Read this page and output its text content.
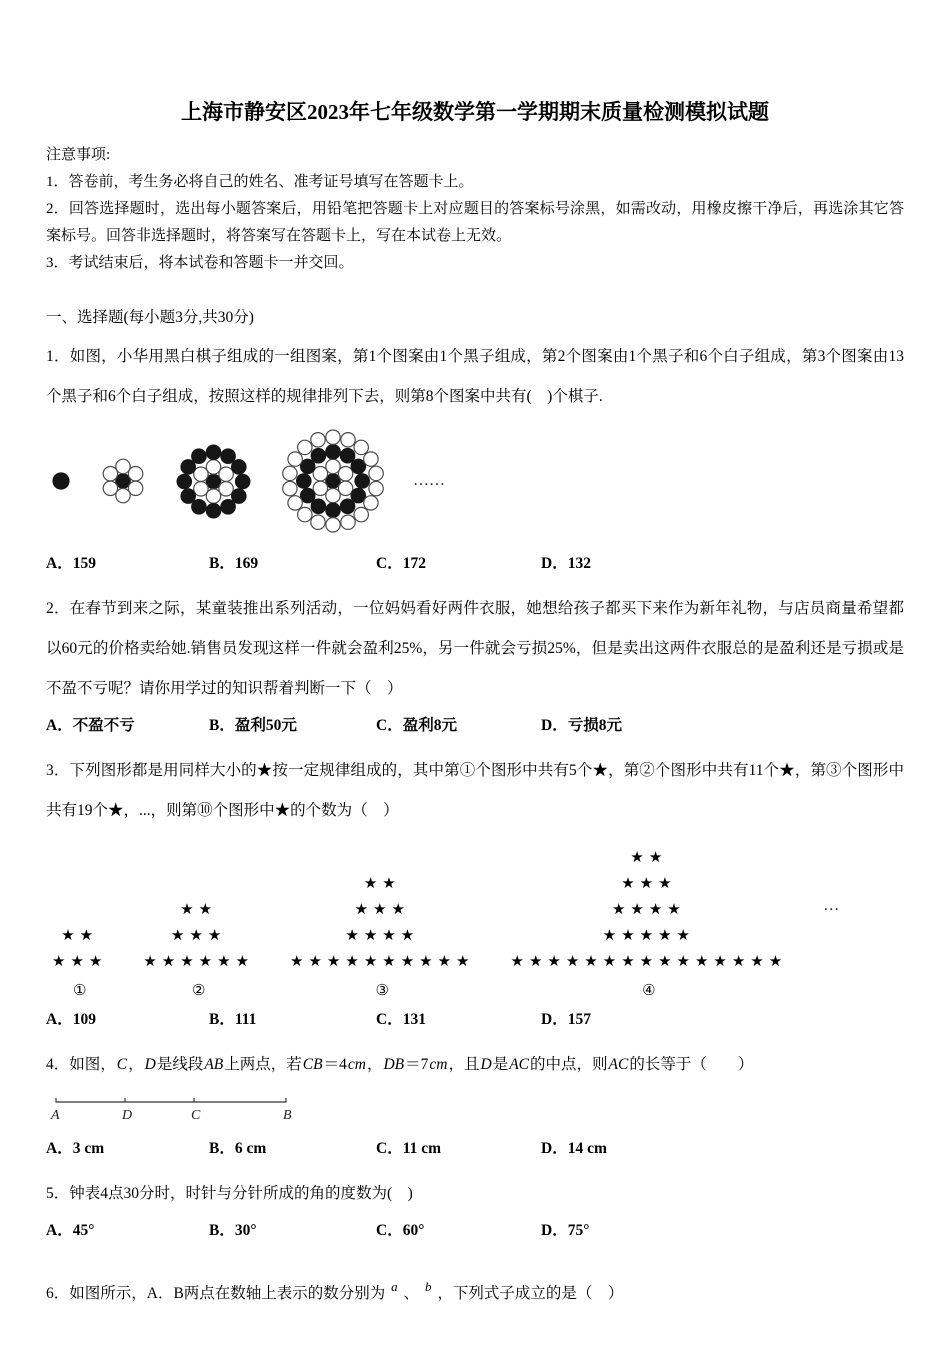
上海市静安区2023年七年级数学第一学期期末质量检测模拟试题

注意事项:

1．答卷前，考生务必将自己的姓名、准考证号填写在答题卡上。

2．回答选择题时，选出每小题答案后，用铅笔把答题卡上对应题目的答案标号涂黑，如需改动，用橡皮擦干净后，再选涂其它答案标号。回答非选择题时，将答案写在答题卡上，写在本试卷上无效。

3．考试结束后，将本试卷和答题卡一并交回。

一、选择题(每小题3分,共30分)

1．如图，小华用黑白棋子组成的一组图案，第1个图案由1个黑子组成，第2个图案由1个黑子和6个白子组成，第3个图案由13个黑子和6个白子组成，按照这样的规律排列下去，则第8个图案中共有(　)个棋子.

……
A．159	B．169	C．172	D．132

2．在春节到来之际，某童装推出系列活动，一位妈妈看好两件衣服，她想给孩子都买下来作为新年礼物，与店员商量希望都以60元的价格卖给她.销售员发现这样一件就会盈利25%，另一件就会亏损25%，但是卖出这两件衣服总的是盈利还是亏损或是不盈不亏呢？请你用学过的知识帮着判断一下（　）

A．不盈不亏	B．盈利50元	C．盈利8元	D．亏损8元

3．下列图形都是用同样大小的★按一定规律组成的，其中第①个图形中共有5个★，第②个图形中共有11个★，第③个图形中共有19个★，...，则第⑩个图形中★的个数为（　）

★★
★★★
①
★★
★★★
★★★★★★
②
★★
★★★
★★★★
★★★★★★★★★★
③
★★
★★★
★★★★
★★★★★
★★★★★★★★★★★★★★★
④
…
A．109	B．111	C．131	D．157

4．如图，C，D是线段AB上两点，若CB＝4cm，DB＝7cm，且D是AC的中点，则AC的长等于（　　）

A	D	C	B
A．3 cm	B．6 cm	C．11 cm	D．14 cm

5．钟表4点30分时，时针与分针所成的角的度数为(　)

A．45°	B．30°	C．60°	D．75°

6．如图所示，A．B两点在数轴上表示的数分别为 $^a$ 、 $^b$ ，下列式子成立的是（　）
